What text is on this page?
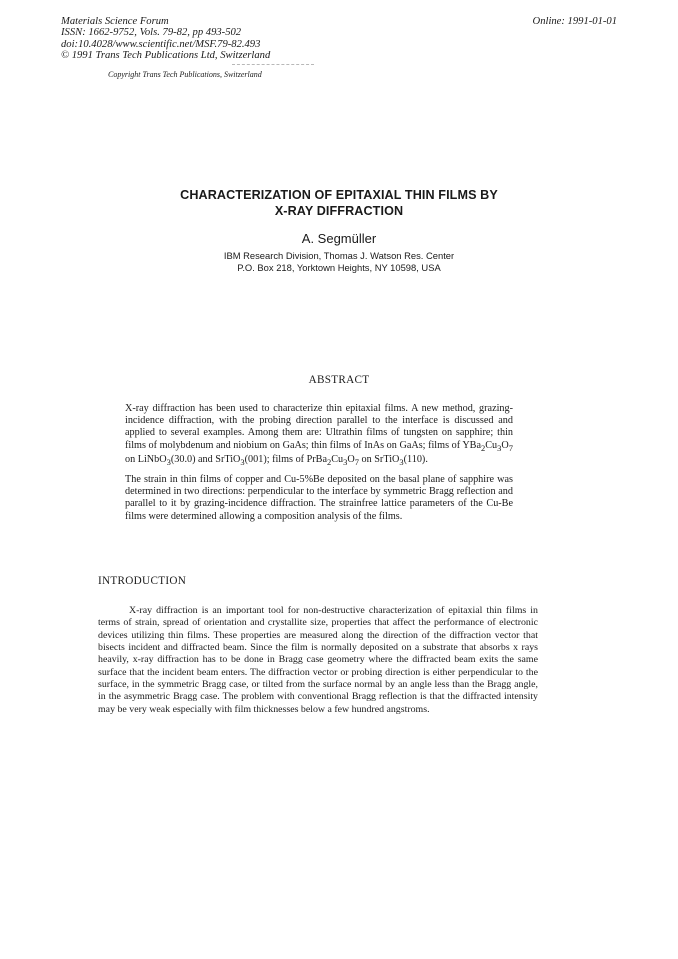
Materials Science Forum
ISSN: 1662-9752, Vols. 79-82, pp 493-502
doi:10.4028/www.scientific.net/MSF.79-82.493
© 1991 Trans Tech Publications Ltd, Switzerland
Online: 1991-01-01
Copyright Trans Tech Publications, Switzerland
CHARACTERIZATION OF EPITAXIAL THIN FILMS BY
X-RAY DIFFRACTION
A. Segmüller
IBM Research Division, Thomas J. Watson Res. Center
P.O. Box 218, Yorktown Heights, NY 10598, USA
ABSTRACT

X-ray diffraction has been used to characterize thin epitaxial films. A new method, grazing-incidence diffraction, with the probing direction parallel to the interface is discussed and applied to several examples. Among them are: Ultrathin films of tungsten on sapphire; thin films of molybdenum and niobium on GaAs; thin films of InAs on GaAs; films of $YBa_2Cu_3O_7$ on LiNbO$_3$(30.0) and SrTiO$_3$(001); films of $PrBa_2Cu_3O_7$ on SrTiO$_3$(110).

The strain in thin films of copper and Cu-5%Be deposited on the basal plane of sapphire was determined in two directions: perpendicular to the interface by symmetric Bragg reflection and parallel to it by grazing-incidence diffraction. The strainfree lattice parameters of the Cu-Be films were determined allowing a composition analysis of the films.

INTRODUCTION

X-ray diffraction is an important tool for non-destructive characterization of epitaxial thin films in terms of strain, spread of orientation and crystallite size, properties that affect the performance of electronic devices utilizing thin films. These properties are measured along the direction of the diffraction vector that bisects incident and diffracted beam. Since the film is normally deposited on a substrate that absorbs x rays heavily, x-ray diffraction has to be done in Bragg case geometry where the diffracted beam exits the same surface that the incident beam enters. The diffraction vector or probing direction is either perpendicular to the surface, in the symmetric Bragg case, or tilted from the surface normal by an angle less than the Bragg angle, in the asymmetric Bragg case. The problem with conventional Bragg reflection is that the diffracted intensity may be very weak especially with film thicknesses below a few hundred angstroms.
